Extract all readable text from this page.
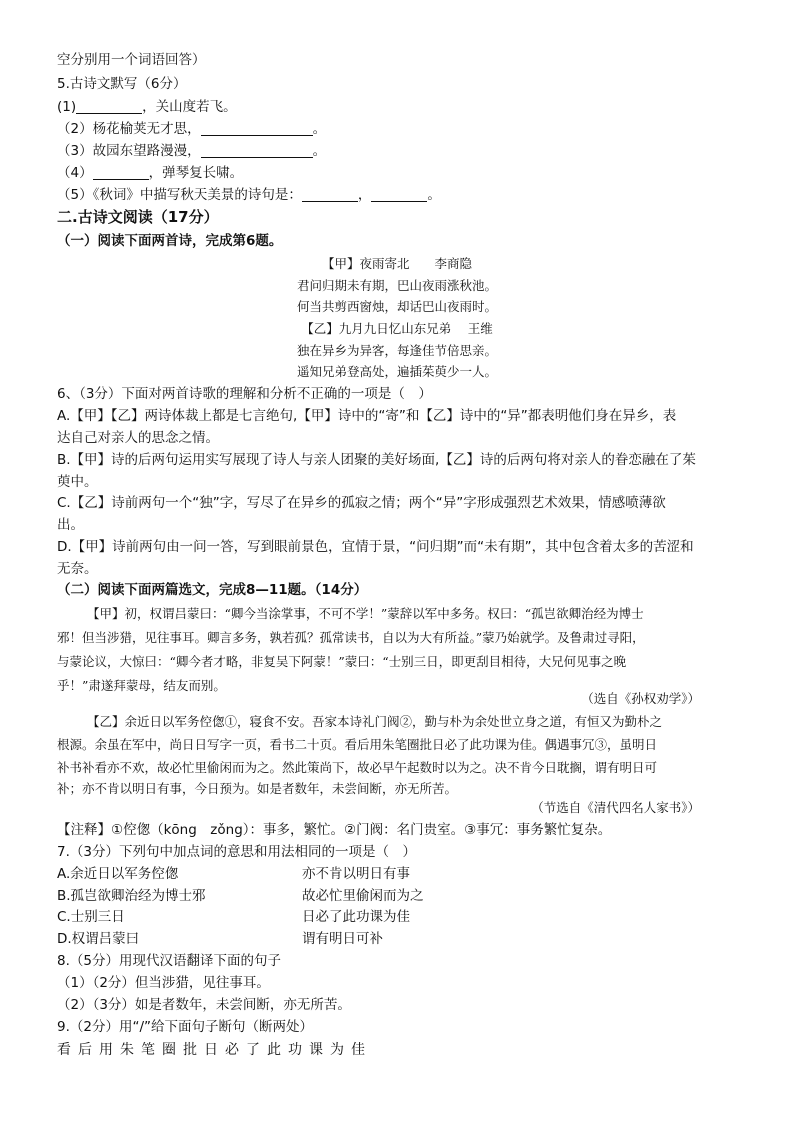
空分别用一个词语回答）
5.古诗文默写（6分）
(1)	，关山度若飞。
（2）杨花榆荚无才思，	。
（3）故园东望路漫漫，	。
（4）	，弹琴复长啸。
（5）《秋词》中描写秋天美景的诗句是：	，	。
二.古诗文阅读（17分）
（一）阅读下面两首诗，完成第6题。
【甲】夜雨寄北　　李商隐
君问归期未有期，巴山夜雨涨秋池。
何当共剪西窗烛，却话巴山夜雨时。
【乙】九月九日忆山东兄弟　 王维
独在异乡为异客，每逢佳节倍思亲。
遥知兄弟登高处，遍插茱萸少一人。
6、（3分）下面对两首诗歌的理解和分析不正确的一项是（　）
A.【甲】【乙】两诗体裁上都是七言绝句,【甲】诗中的“寄”和【乙】诗中的“异”都表明他们身在异乡，表
达自己对亲人的思念之情。
B.【甲】诗的后两句运用实写展现了诗人与亲人团聚的美好场面,【乙】诗的后两句将对亲人的眷恋融在了茱
萸中。
C.【乙】诗前两句一个“独”字，写尽了在异乡的孤寂之情；两个“异”字形成强烈艺术效果，情感喷薄欲
出。
D.【甲】诗前两句由一问一答，写到眼前景色，宜情于景，“问归期”而“未有期”，其中包含着太多的苦涩和
无奈。
（二）阅读下面两篇选文，完成8—11题。（14分）
【甲】初，权谓吕蒙曰：“卿今当涂掌事，不可不学！”蒙辞以军中多务。权曰：“孤岂欲卿治经为博士
邪！但当涉猎，见往事耳。卿言多务，孰若孤？孤常读书，自以为大有所益。”蒙乃始就学。及鲁肃过寻阳，
与蒙论议，大惊曰：“卿今者才略，非复吴下阿蒙！”蒙曰：“士别三日，即更刮目相待，大兄何见事之晚
乎！”肃遂拜蒙母，结友而别。
（选自《孙权劝学》）
【乙】余近日以军务倥偬①，寝食不安。吾家本诗礼门阀②，勤与朴为余处世立身之道，有恒又为勤朴之
根源。余虽在军中，尚日日写字一页，看书二十页。看后用朱笔圈批日必了此功课为佳。偶遇事冗③，虽明日
补书补看亦不欢，故必忙里偷闲而为之。然此策尚下，故必早午起数时以为之。决不肯今日耽搁，谓有明日可
补；亦不肯以明日有事，今日预为。如是者数年，未尝间断，亦无所苦。
（节选自《清代四名人家书》）
【注释】①倥偬（kōng　zǒng）：事多，繁忙。②门阀：名门贵室。③事冗：事务繁忙复杂。
7.（3分）下列句中加点词的意思和用法相同的一项是（　）
A.余近日以军务倥偬	亦不肯以明日有事
B.孤岂欲卿治经为博士邪	故必忙里偷闲而为之
C.士别三日	日必了此功课为佳
D.权谓吕蒙曰	谓有明日可补
8.（5分）用现代汉语翻译下面的句子
（1）（2分）但当涉猎，见往事耳。
（2）（3分）如是者数年，未尝间断，亦无所苦。
9.（2分）用“/”给下面句子断句（断两处）
看后用朱笔圈批日必了此功课为佳
